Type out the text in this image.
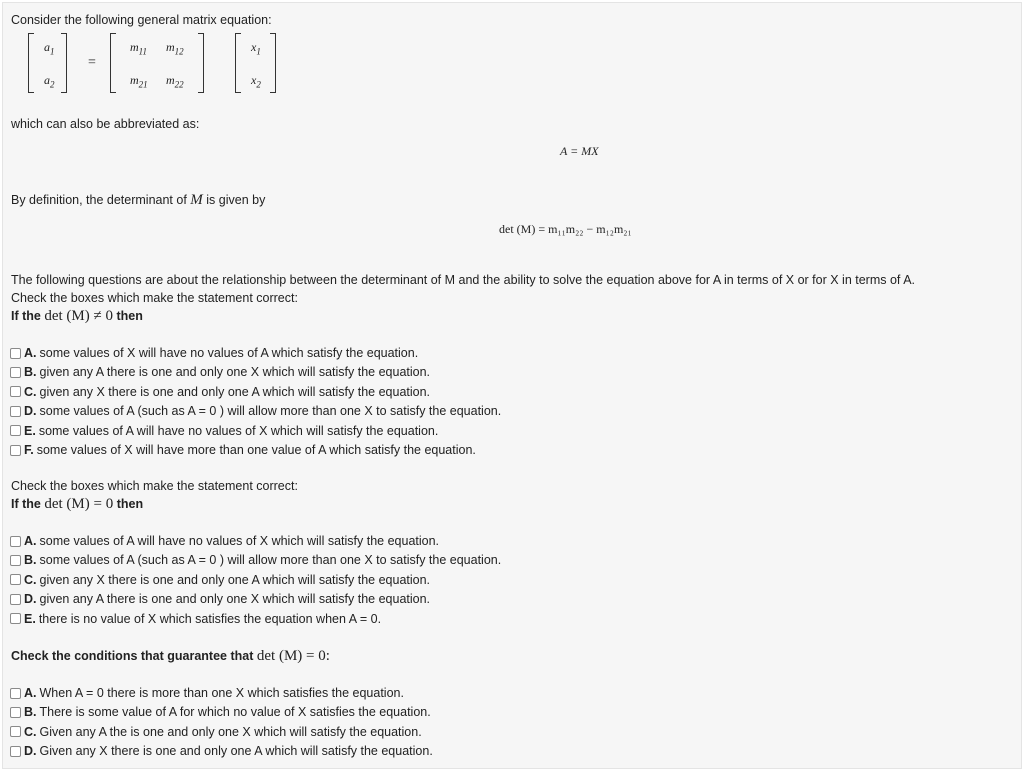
Consider the following general matrix equation:
$a_1$
$a_2$
=
$m_{11}$ $m_{12}$
$m_{21}$ $m_{22}$
$x_1$
$x_2$
which can also be abbreviated as:
A = MX
By definition, the determinant of M is given by
det (M) = m₁₁m₂₂ − m₁₂m₂₁
The following questions are about the relationship between the determinant of M and the ability to solve the equation above for A in terms of X or for X in terms of A.
Check the boxes which make the statement correct:
If the det (M) ≠ 0 then
A. some values of X will have no values of A which satisfy the equation.
B. given any A there is one and only one X which will satisfy the equation.
C. given any X there is one and only one A which will satisfy the equation.
D. some values of A (such as A = 0 ) will allow more than one X to satisfy the equation.
E. some values of A will have no values of X which will satisfy the equation.
F. some values of X will have more than one value of A which satisfy the equation.
Check the boxes which make the statement correct:
If the det (M) = 0 then
A. some values of A will have no values of X which will satisfy the equation.
B. some values of A (such as A = 0 ) will allow more than one X to satisfy the equation.
C. given any X there is one and only one A which will satisfy the equation.
D. given any A there is one and only one X which will satisfy the equation.
E. there is no value of X which satisfies the equation when A = 0.
Check the conditions that guarantee that det (M) = 0:
A. When A = 0 there is more than one X which satisfies the equation.
B. There is some value of A for which no value of X satisfies the equation.
C. Given any A the is one and only one X which will satisfy the equation.
D. Given any X there is one and only one A which will satisfy the equation.
